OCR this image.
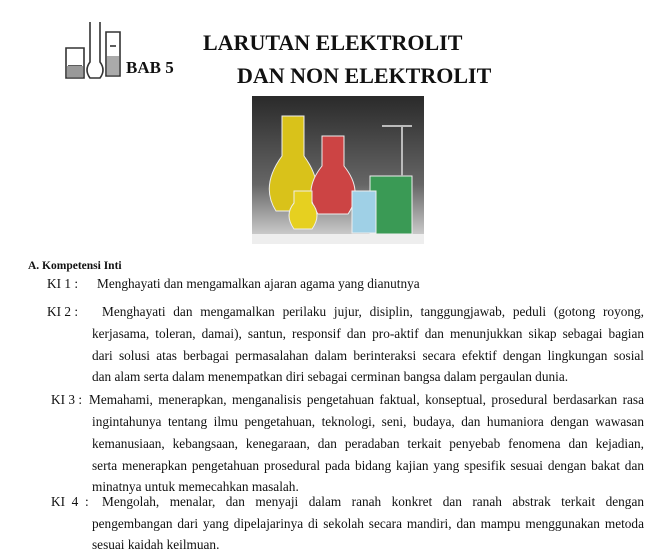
BAB 5
LARUTAN ELEKTROLIT
DAN NON ELEKTROLIT
A. Kompetensi Inti
KI 1 : Menghayati dan mengamalkan ajaran agama yang dianutnya
KI 2 : Menghayati dan mengamalkan perilaku jujur, disiplin, tanggungjawab, peduli (gotong royong,
kerjasama, toleran, damai), santun, responsif dan pro-aktif dan menunjukkan sikap sebagai bagian
dari solusi atas berbagai permasalahan dalam berinteraksi secara efektif dengan lingkungan sosial
dan alam serta dalam menempatkan diri sebagai cerminan bangsa dalam pergaulan dunia.
KI 3 : Memahami, menerapkan, menganalisis pengetahuan faktual, konseptual, prosedural berdasarkan rasa
ingintahunya tentang ilmu pengetahuan, teknologi, seni, budaya, dan humaniora dengan wawasan
kemanusiaan, kebangsaan, kenegaraan, dan peradaban terkait penyebab fenomena dan kejadian,
serta menerapkan pengetahuan prosedural pada bidang kajian yang spesifik sesuai dengan bakat dan
minatnya untuk memecahkan masalah.
KI  4  : Mengolah, menalar, dan menyaji dalam ranah konkret dan ranah abstrak terkait dengan
pengembangan dari yang dipelajarinya di sekolah secara mandiri, dan mampu menggunakan metoda
sesuai kaidah keilmuan.
